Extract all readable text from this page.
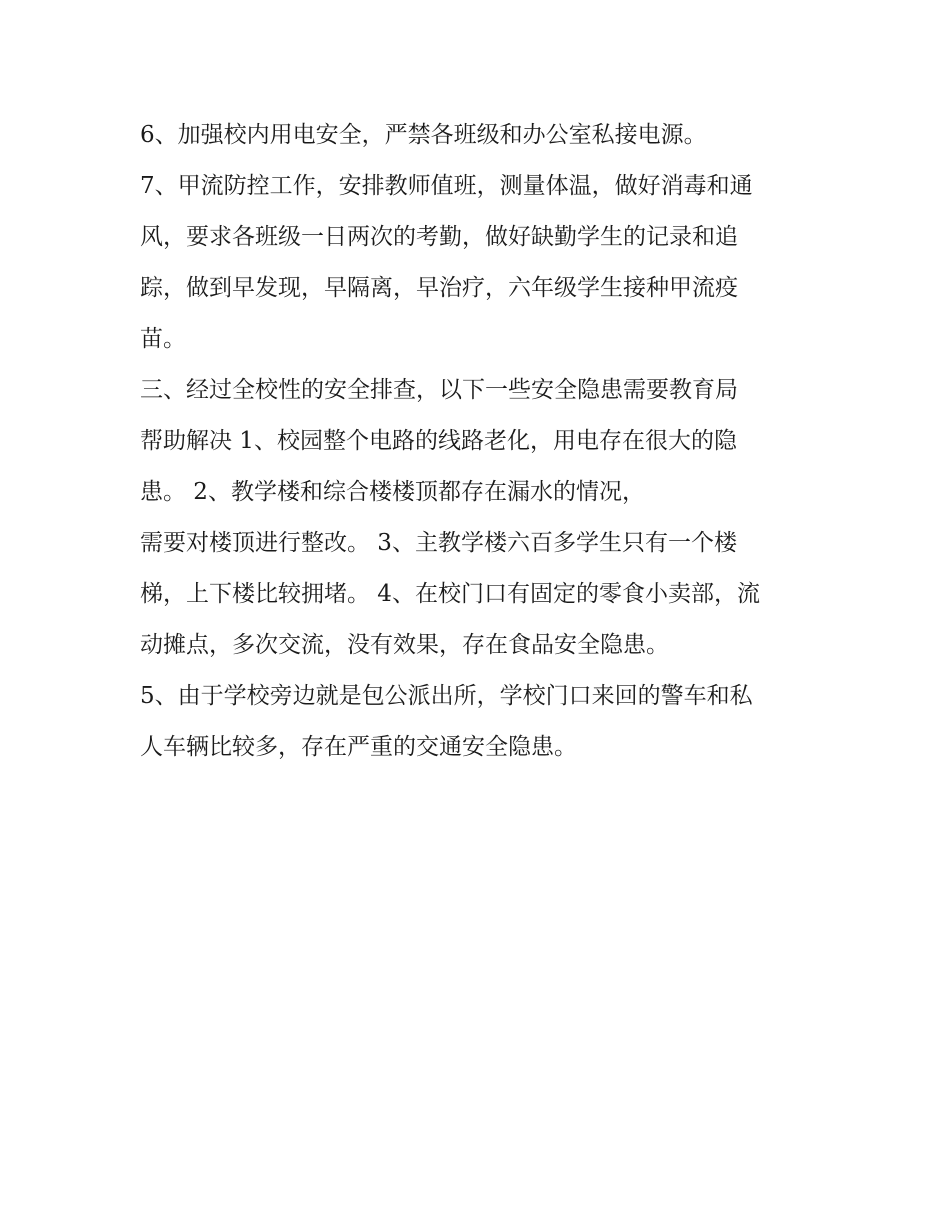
6、加强校内用电安全，严禁各班级和办公室私接电源。
7、甲流防控工作，安排教师值班，测量体温，做好消毒和通
风，要求各班级一日两次的考勤，做好缺勤学生的记录和追
踪，做到早发现，早隔离，早治疗，六年级学生接种甲流疫
苗。
三、经过全校性的安全排查，以下一些安全隐患需要教育局
帮助解决 1、校园整个电路的线路老化，用电存在很大的隐
患。 2、教学楼和综合楼楼顶都存在漏水的情况，
需要对楼顶进行整改。 3、主教学楼六百多学生只有一个楼
梯，上下楼比较拥堵。 4、在校门口有固定的零食小卖部，流
动摊点，多次交流，没有效果，存在食品安全隐患。
5、由于学校旁边就是包公派出所，学校门口来回的警车和私
人车辆比较多，存在严重的交通安全隐患。
